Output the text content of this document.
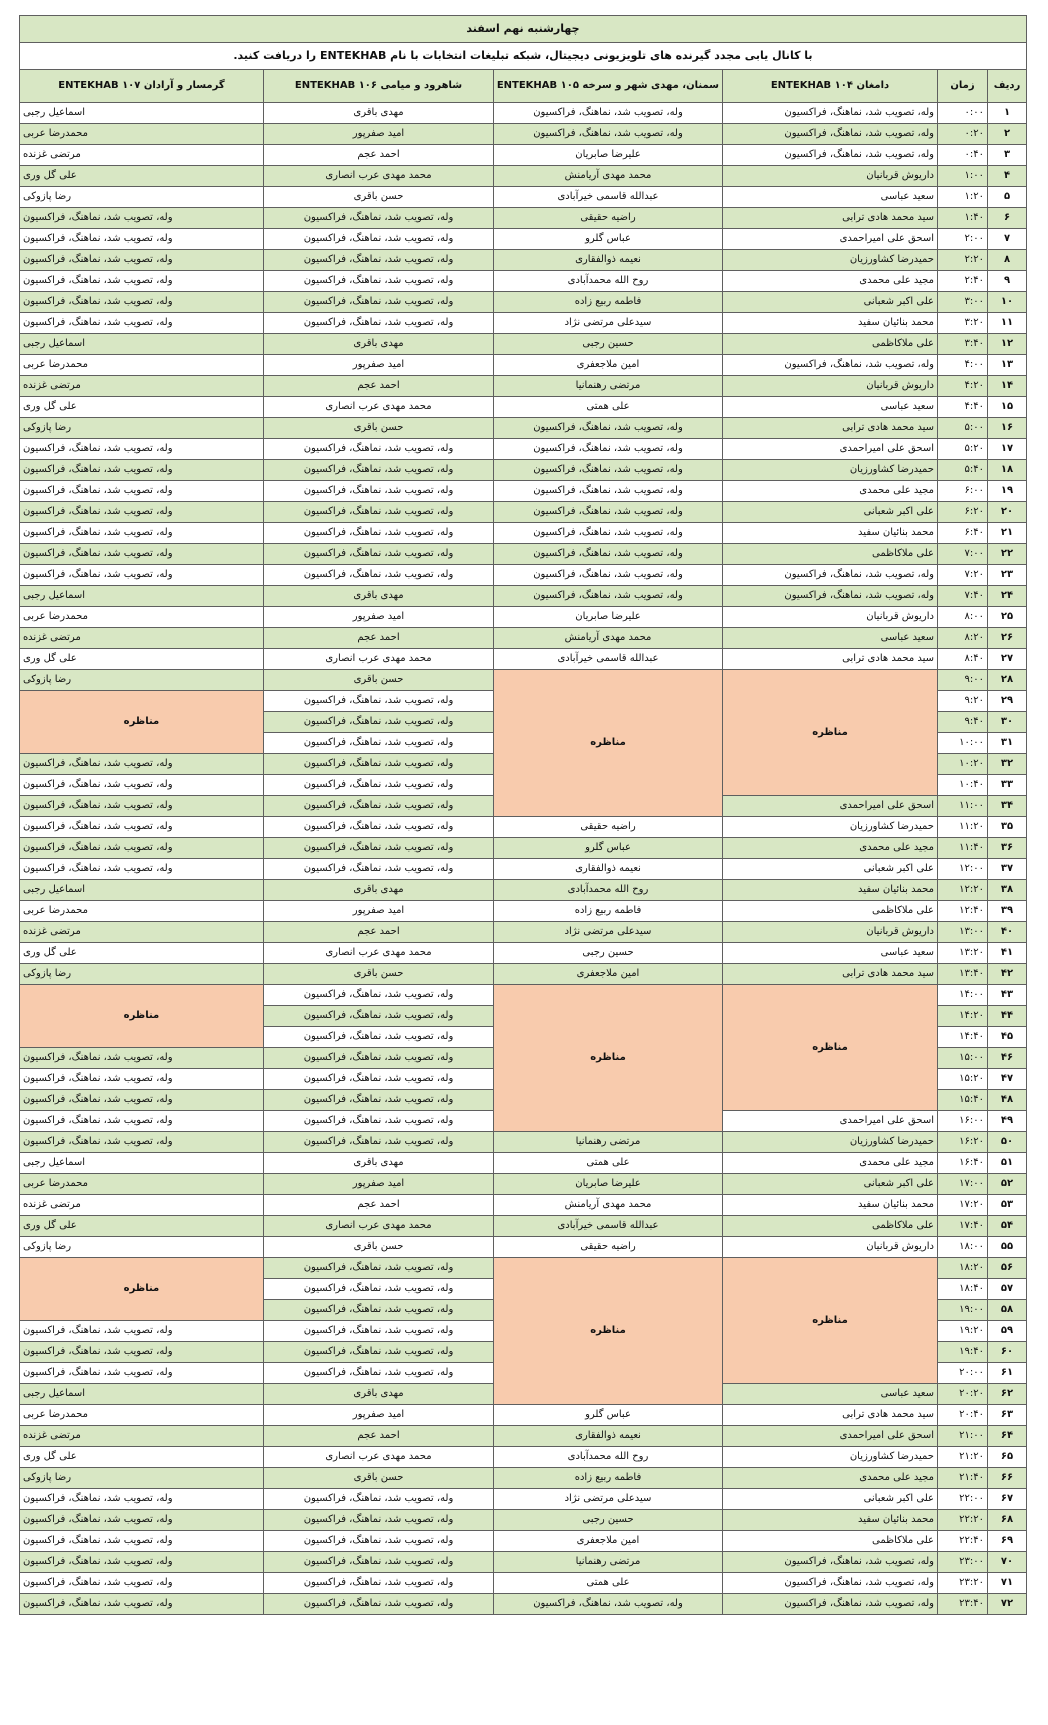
چهارشنبه نهم اسفند					
با کانال یابی مجدد گیرنده های تلویزیونی دیجیتال، شبکه تبلیغات انتخابات با نام ENTEKHAB را دریافت کنید.					
ردیف	زمان	دامغان ENTEKHAB ۱۰۴	سمنان، مهدی شهر و سرخه ENTEKHAB ۱۰۵	شاهرود و میامی ENTEKHAB ۱۰۶	گرمسار و آرادان ENTEKHAB ۱۰۷
۱	۰:۰۰	وله، تصویب شد، نماهنگ، فراکسیون	وله، تصویب شد، نماهنگ، فراکسیون	مهدی باقری	اسماعیل رجبی
۲	۰:۲۰	وله، تصویب شد، نماهنگ، فراکسیون	وله، تصویب شد، نماهنگ، فراکسیون	امید صفرپور	محمدرضا عربی
۳	۰:۴۰	وله، تصویب شد، نماهنگ، فراکسیون	علیرضا صابریان	احمد عجم	مرتضی غزنده
۴	۱:۰۰	داریوش قربانیان	محمد مهدی آریامنش	محمد مهدی عرب انصاری	علی گل وری
۵	۱:۲۰	سعید عباسی	عبدالله قاسمی خیرآبادی	حسن باقری	رضا پازوکی
۶	۱:۴۰	سید محمد هادی ترابی	راضیه حقیقی	وله، تصویب شد، نماهنگ، فراکسیون	وله، تصویب شد، نماهنگ، فراکسیون
۷	۲:۰۰	اسحق علی امیراحمدی	عباس گلرو	وله، تصویب شد، نماهنگ، فراکسیون	وله، تصویب شد، نماهنگ، فراکسیون
۸	۲:۲۰	حمیدرضا کشاورزیان	نعیمه ذوالفقاری	وله، تصویب شد، نماهنگ، فراکسیون	وله، تصویب شد، نماهنگ، فراکسیون
۹	۲:۴۰	مجید علی محمدی	روح الله محمدآبادی	وله، تصویب شد، نماهنگ، فراکسیون	وله، تصویب شد، نماهنگ، فراکسیون
۱۰	۳:۰۰	علی اکبر شعبانی	فاطمه ربیع زاده	وله، تصویب شد، نماهنگ، فراکسیون	وله، تصویب شد، نماهنگ، فراکسیون
۱۱	۳:۲۰	محمد بنائیان سفید	سیدعلی مرتضی نژاد	وله، تصویب شد، نماهنگ، فراکسیون	وله، تصویب شد، نماهنگ، فراکسیون
۱۲	۳:۴۰	علی ملاکاظمی	حسین رجبی	مهدی باقری	اسماعیل رجبی
۱۳	۴:۰۰	وله، تصویب شد، نماهنگ، فراکسیون	امین ملاجعفری	امید صفرپور	محمدرضا عربی
۱۴	۴:۲۰	داریوش قربانیان	مرتضی رهنمانیا	احمد عجم	مرتضی غزنده
۱۵	۴:۴۰	سعید عباسی	علی همتی	محمد مهدی عرب انصاری	علی گل وری
۱۶	۵:۰۰	سید محمد هادی ترابی	وله، تصویب شد، نماهنگ، فراکسیون	حسن باقری	رضا پازوکی
۱۷	۵:۲۰	اسحق علی امیراحمدی	وله، تصویب شد، نماهنگ، فراکسیون	وله، تصویب شد، نماهنگ، فراکسیون	وله، تصویب شد، نماهنگ، فراکسیون
۱۸	۵:۴۰	حمیدرضا کشاورزیان	وله، تصویب شد، نماهنگ، فراکسیون	وله، تصویب شد، نماهنگ، فراکسیون	وله، تصویب شد، نماهنگ، فراکسیون
۱۹	۶:۰۰	مجید علی محمدی	وله، تصویب شد، نماهنگ، فراکسیون	وله، تصویب شد، نماهنگ، فراکسیون	وله، تصویب شد، نماهنگ، فراکسیون
۲۰	۶:۲۰	علی اکبر شعبانی	وله، تصویب شد، نماهنگ، فراکسیون	وله، تصویب شد، نماهنگ، فراکسیون	وله، تصویب شد، نماهنگ، فراکسیون
۲۱	۶:۴۰	محمد بنائیان سفید	وله، تصویب شد، نماهنگ، فراکسیون	وله، تصویب شد، نماهنگ، فراکسیون	وله، تصویب شد، نماهنگ، فراکسیون
۲۲	۷:۰۰	علی ملاکاظمی	وله، تصویب شد، نماهنگ، فراکسیون	وله، تصویب شد، نماهنگ، فراکسیون	وله، تصویب شد، نماهنگ، فراکسیون
۲۳	۷:۲۰	وله، تصویب شد، نماهنگ، فراکسیون	وله، تصویب شد، نماهنگ، فراکسیون	وله، تصویب شد، نماهنگ، فراکسیون	وله، تصویب شد، نماهنگ، فراکسیون
۲۴	۷:۴۰	وله، تصویب شد، نماهنگ، فراکسیون	وله، تصویب شد، نماهنگ، فراکسیون	مهدی باقری	اسماعیل رجبی
۲۵	۸:۰۰	داریوش قربانیان	علیرضا صابریان	امید صفرپور	محمدرضا عربی
۲۶	۸:۲۰	سعید عباسی	محمد مهدی آریامنش	احمد عجم	مرتضی غزنده
۲۷	۸:۴۰	سید محمد هادی ترابی	عبدالله قاسمی خیرآبادی	محمد مهدی عرب انصاری	علی گل وری
۲۸	۹:۰۰	مناظره	مناظره	حسن باقری	رضا پازوکی
۲۹	۹:۲۰			وله، تصویب شد، نماهنگ، فراکسیون	مناظره
۳۰	۹:۴۰			وله، تصویب شد، نماهنگ، فراکسیون	
۳۱	۱۰:۰۰			وله، تصویب شد، نماهنگ، فراکسیون	
۳۲	۱۰:۲۰			وله، تصویب شد، نماهنگ، فراکسیون	وله، تصویب شد، نماهنگ، فراکسیون
۳۳	۱۰:۴۰			وله، تصویب شد، نماهنگ، فراکسیون	وله، تصویب شد، نماهنگ، فراکسیون
۳۴	۱۱:۰۰	اسحق علی امیراحمدی		وله، تصویب شد، نماهنگ، فراکسیون	وله، تصویب شد، نماهنگ، فراکسیون
۳۵	۱۱:۲۰	حمیدرضا کشاورزیان	راضیه حقیقی	وله، تصویب شد، نماهنگ، فراکسیون	وله، تصویب شد، نماهنگ، فراکسیون
۳۶	۱۱:۴۰	مجید علی محمدی	عباس گلرو	وله، تصویب شد، نماهنگ، فراکسیون	وله، تصویب شد، نماهنگ، فراکسیون
۳۷	۱۲:۰۰	علی اکبر شعبانی	نعیمه ذوالفقاری	وله، تصویب شد، نماهنگ، فراکسیون	وله، تصویب شد، نماهنگ، فراکسیون
۳۸	۱۲:۲۰	محمد بنائیان سفید	روح الله محمدآبادی	مهدی باقری	اسماعیل رجبی
۳۹	۱۲:۴۰	علی ملاکاظمی	فاطمه ربیع زاده	امید صفرپور	محمدرضا عربی
۴۰	۱۳:۰۰	داریوش قربانیان	سیدعلی مرتضی نژاد	احمد عجم	مرتضی غزنده
۴۱	۱۳:۲۰	سعید عباسی	حسین رجبی	محمد مهدی عرب انصاری	علی گل وری
۴۲	۱۳:۴۰	سید محمد هادی ترابی	امین ملاجعفری	حسن باقری	رضا پازوکی
۴۳	۱۴:۰۰	مناظره	مناظره	وله، تصویب شد، نماهنگ، فراکسیون	مناظره
۴۴	۱۴:۲۰			وله، تصویب شد، نماهنگ، فراکسیون	
۴۵	۱۴:۴۰			وله، تصویب شد، نماهنگ، فراکسیون	
۴۶	۱۵:۰۰			وله، تصویب شد، نماهنگ، فراکسیون	وله، تصویب شد، نماهنگ، فراکسیون
۴۷	۱۵:۲۰			وله، تصویب شد، نماهنگ، فراکسیون	وله، تصویب شد، نماهنگ، فراکسیون
۴۸	۱۵:۴۰			وله، تصویب شد، نماهنگ، فراکسیون	وله، تصویب شد، نماهنگ، فراکسیون
۴۹	۱۶:۰۰	اسحق علی امیراحمدی		وله، تصویب شد، نماهنگ، فراکسیون	وله، تصویب شد، نماهنگ، فراکسیون
۵۰	۱۶:۲۰	حمیدرضا کشاورزیان	مرتضی رهنمانیا	وله، تصویب شد، نماهنگ، فراکسیون	وله، تصویب شد، نماهنگ، فراکسیون
۵۱	۱۶:۴۰	مجید علی محمدی	علی همتی	مهدی باقری	اسماعیل رجبی
۵۲	۱۷:۰۰	علی اکبر شعبانی	علیرضا صابریان	امید صفرپور	محمدرضا عربی
۵۳	۱۷:۲۰	محمد بنائیان سفید	محمد مهدی آریامنش	احمد عجم	مرتضی غزنده
۵۴	۱۷:۴۰	علی ملاکاظمی	عبدالله قاسمی خیرآبادی	محمد مهدی عرب انصاری	علی گل وری
۵۵	۱۸:۰۰	داریوش قربانیان	راضیه حقیقی	حسن باقری	رضا پازوکی
۵۶	۱۸:۲۰	مناظره	مناظره	وله، تصویب شد، نماهنگ، فراکسیون	مناظره
۵۷	۱۸:۴۰			وله، تصویب شد، نماهنگ، فراکسیون	
۵۸	۱۹:۰۰			وله، تصویب شد، نماهنگ، فراکسیون	
۵۹	۱۹:۲۰			وله، تصویب شد، نماهنگ، فراکسیون	وله، تصویب شد، نماهنگ، فراکسیون
۶۰	۱۹:۴۰			وله، تصویب شد، نماهنگ، فراکسیون	وله، تصویب شد، نماهنگ، فراکسیون
۶۱	۲۰:۰۰			وله، تصویب شد، نماهنگ، فراکسیون	وله، تصویب شد، نماهنگ، فراکسیون
۶۲	۲۰:۲۰	سعید عباسی		مهدی باقری	اسماعیل رجبی
۶۳	۲۰:۴۰	سید محمد هادی ترابی	عباس گلرو	امید صفرپور	محمدرضا عربی
۶۴	۲۱:۰۰	اسحق علی امیراحمدی	نعیمه ذوالفقاری	احمد عجم	مرتضی غزنده
۶۵	۲۱:۲۰	حمیدرضا کشاورزیان	روح الله محمدآبادی	محمد مهدی عرب انصاری	علی گل وری
۶۶	۲۱:۴۰	مجید علی محمدی	فاطمه ربیع زاده	حسن باقری	رضا پازوکی
۶۷	۲۲:۰۰	علی اکبر شعبانی	سیدعلی مرتضی نژاد	وله، تصویب شد، نماهنگ، فراکسیون	وله، تصویب شد، نماهنگ، فراکسیون
۶۸	۲۲:۲۰	محمد بنائیان سفید	حسین رجبی	وله، تصویب شد، نماهنگ، فراکسیون	وله، تصویب شد، نماهنگ، فراکسیون
۶۹	۲۲:۴۰	علی ملاکاظمی	امین ملاجعفری	وله، تصویب شد، نماهنگ، فراکسیون	وله، تصویب شد، نماهنگ، فراکسیون
۷۰	۲۳:۰۰	وله، تصویب شد، نماهنگ، فراکسیون	مرتضی رهنمانیا	وله، تصویب شد، نماهنگ، فراکسیون	وله، تصویب شد، نماهنگ، فراکسیون
۷۱	۲۳:۲۰	وله، تصویب شد، نماهنگ، فراکسیون	علی همتی	وله، تصویب شد، نماهنگ، فراکسیون	وله، تصویب شد، نماهنگ، فراکسیون
۷۲	۲۳:۴۰	وله، تصویب شد، نماهنگ، فراکسیون	وله، تصویب شد، نماهنگ، فراکسیون	وله، تصویب شد، نماهنگ، فراکسیون	وله، تصویب شد، نماهنگ، فراکسیون
